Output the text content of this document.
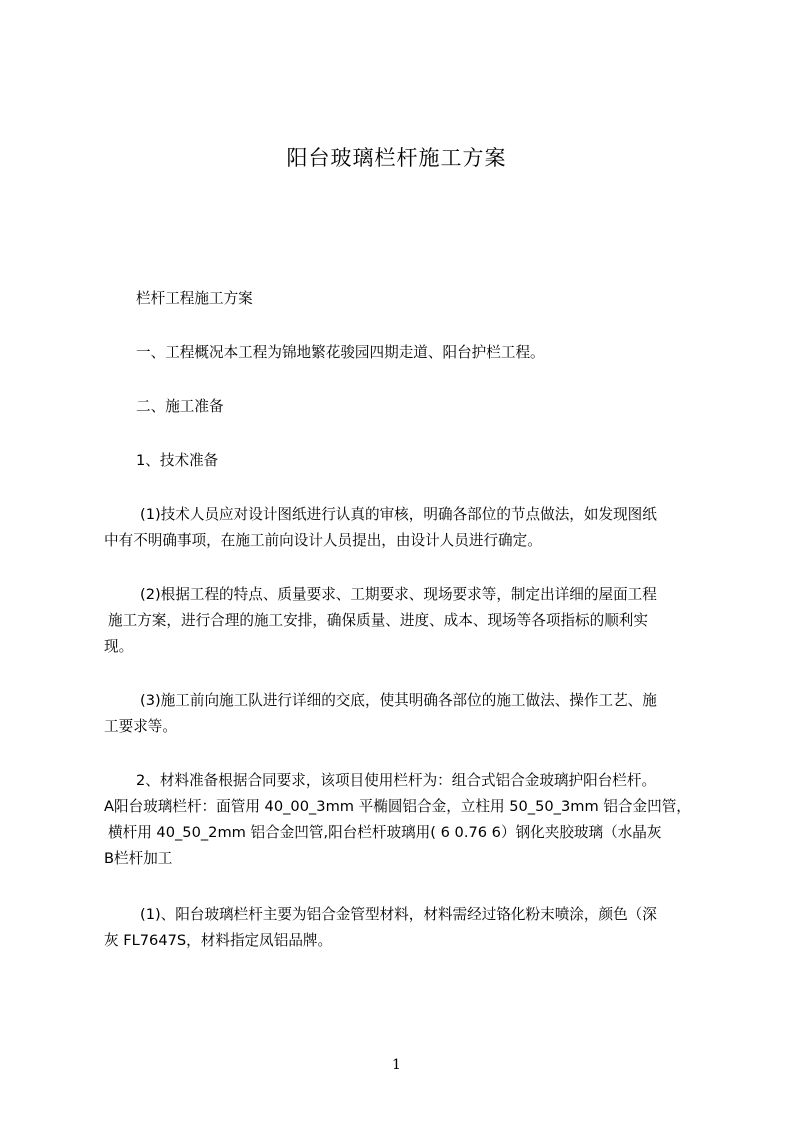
阳台玻璃栏杆施工方案

栏杆工程施工方案

一、工程概况本工程为锦地繁花骏园四期走道、阳台护栏工程。

二、施工准备

1、技术准备

(1)技术人员应对设计图纸进行认真的审核，明确各部位的节点做法，如发现图纸
中有不明确事项，在施工前向设计人员提出，由设计人员进行确定。

(2)根据工程的特点、质量要求、工期要求、现场要求等，制定出详细的屋面工程
施工方案，进行合理的施工安排，确保质量、进度、成本、现场等各项指标的顺利实
现。

(3)施工前向施工队进行详细的交底，使其明确各部位的施工做法、操作工艺、施
工要求等。

2、材料准备根据合同要求，该项目使用栏杆为：组合式铝合金玻璃护阳台栏杆。
A阳台玻璃栏杆：面管用 40_00_3mm 平椭圆铝合金，立柱用 50_50_3mm 铝合金凹管，
横杆用 40_50_2mm 铝合金凹管,阳台栏杆玻璃用( 6 0.76 6）钢化夹胶玻璃（水晶灰
B栏杆加工

(1)、阳台玻璃栏杆主要为铝合金管型材料，材料需经过铬化粉末喷涂，颜色（深
灰 FL7647S，材料指定凤铝品牌。

1
